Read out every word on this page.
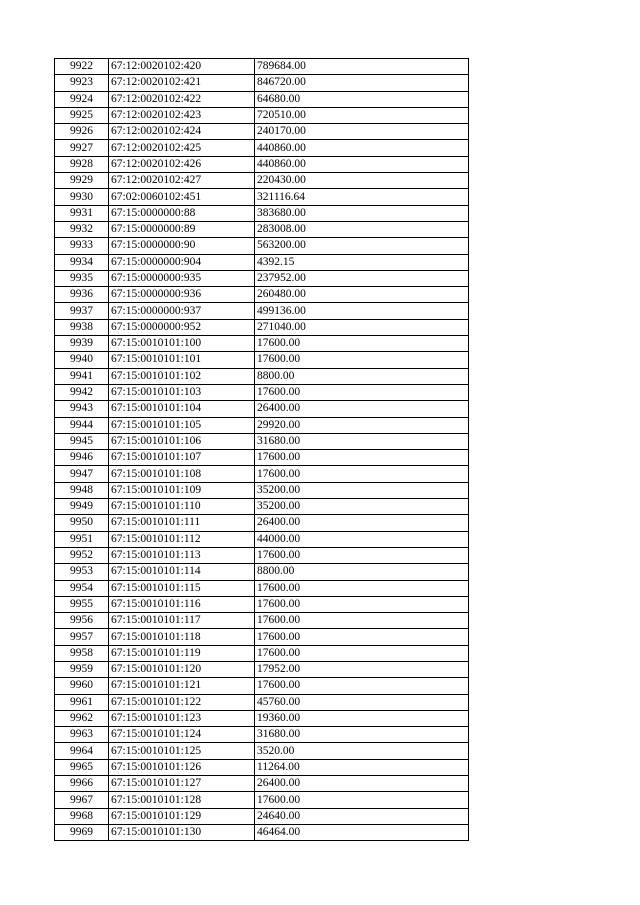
9922	67:12:0020102:420	789684.00
9923	67:12:0020102:421	846720.00
9924	67:12:0020102:422	64680.00
9925	67:12:0020102:423	720510.00
9926	67:12:0020102:424	240170.00
9927	67:12:0020102:425	440860.00
9928	67:12:0020102:426	440860.00
9929	67:12:0020102:427	220430.00
9930	67:02:0060102:451	321116.64
9931	67:15:0000000:88	383680.00
9932	67:15:0000000:89	283008.00
9933	67:15:0000000:90	563200.00
9934	67:15:0000000:904	4392.15
9935	67:15:0000000:935	237952.00
9936	67:15:0000000:936	260480.00
9937	67:15:0000000:937	499136.00
9938	67:15:0000000:952	271040.00
9939	67:15:0010101:100	17600.00
9940	67:15:0010101:101	17600.00
9941	67:15:0010101:102	8800.00
9942	67:15:0010101:103	17600.00
9943	67:15:0010101:104	26400.00
9944	67:15:0010101:105	29920.00
9945	67:15:0010101:106	31680.00
9946	67:15:0010101:107	17600.00
9947	67:15:0010101:108	17600.00
9948	67:15:0010101:109	35200.00
9949	67:15:0010101:110	35200.00
9950	67:15:0010101:111	26400.00
9951	67:15:0010101:112	44000.00
9952	67:15:0010101:113	17600.00
9953	67:15:0010101:114	8800.00
9954	67:15:0010101:115	17600.00
9955	67:15:0010101:116	17600.00
9956	67:15:0010101:117	17600.00
9957	67:15:0010101:118	17600.00
9958	67:15:0010101:119	17600.00
9959	67:15:0010101:120	17952.00
9960	67:15:0010101:121	17600.00
9961	67:15:0010101:122	45760.00
9962	67:15:0010101:123	19360.00
9963	67:15:0010101:124	31680.00
9964	67:15:0010101:125	3520.00
9965	67:15:0010101:126	11264.00
9966	67:15:0010101:127	26400.00
9967	67:15:0010101:128	17600.00
9968	67:15:0010101:129	24640.00
9969	67:15:0010101:130	46464.00
